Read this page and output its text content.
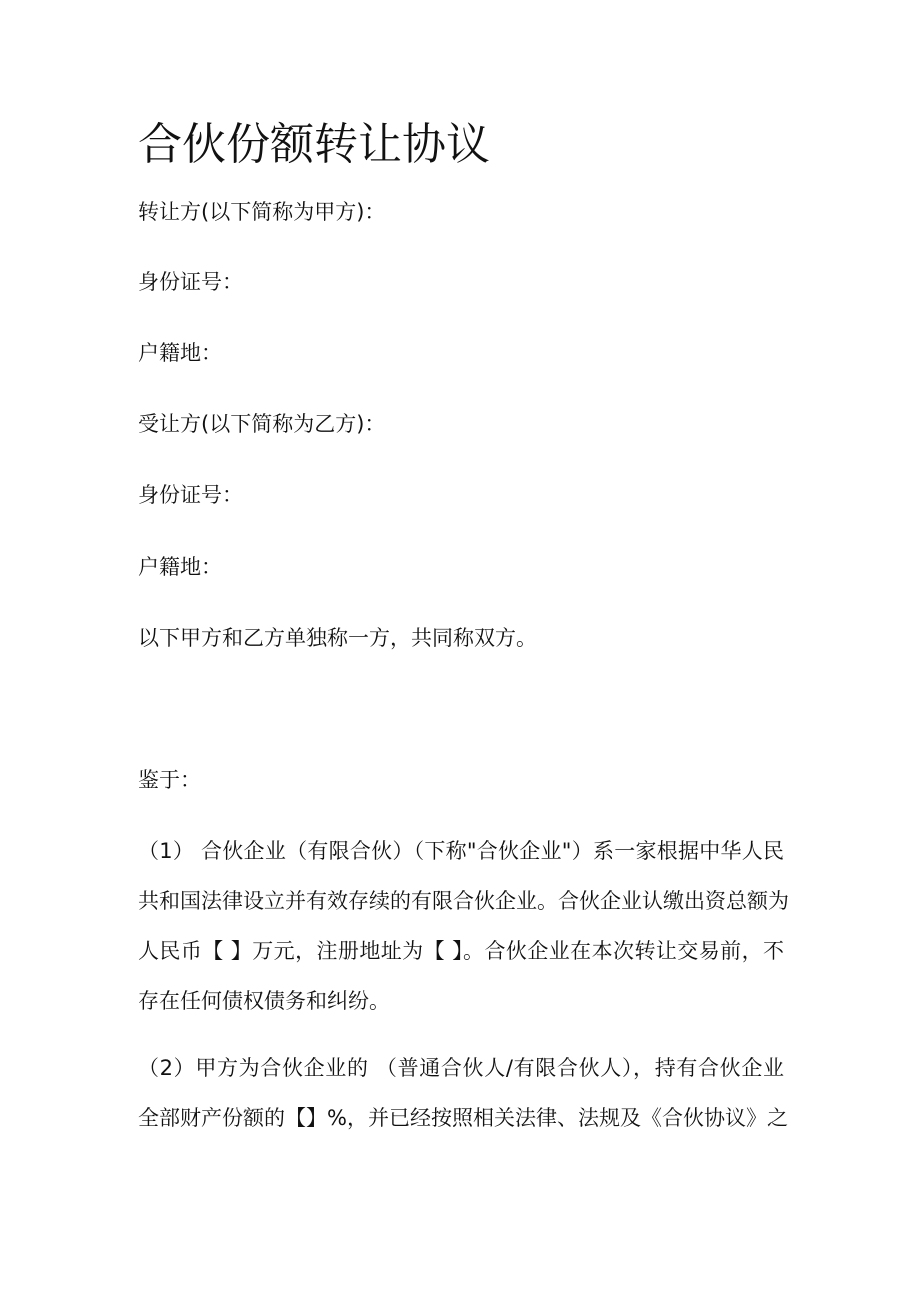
合伙份额转让协议

转让方(以下简称为甲方)：

身份证号：

户籍地：

受让方(以下简称为乙方)：

身份证号：

户籍地：

以下甲方和乙方单独称一方，共同称双方。

鉴于：

（1） 合伙企业（有限合伙）（下称"合伙企业"）系一家根据中华人民
共和国法律设立并有效存续的有限合伙企业。合伙企业认缴出资总额为
人民币【 】万元，注册地址为【 】。合伙企业在本次转让交易前，不
存在任何债权债务和纠纷。
（2）甲方为合伙企业的 （普通合伙人/有限合伙人），持有合伙企业
全部财产份额的【】%，并已经按照相关法律、法规及《合伙协议》之
